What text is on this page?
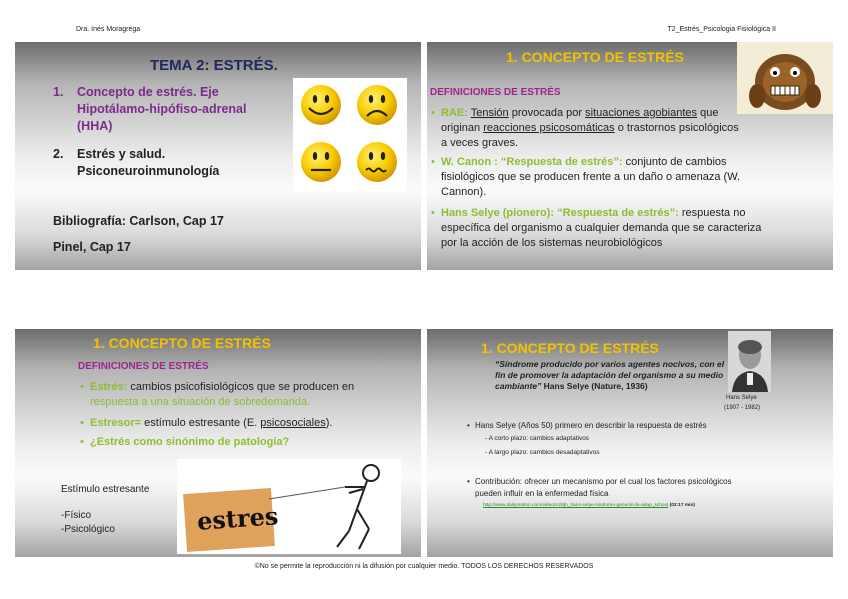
Dra. Inés Moragrega	T2_Estrés_Psicologia Fisiológica II
TEMA 2: ESTRÉS.
1. Concepto de estrés. Eje Hipotálamo-hipófiso-adrenal (HHA)
2. Estrés y salud. Psiconeuroinmunología
Bibliografía: Carlson, Cap 17
Pinel, Cap 17
1. CONCEPTO DE ESTRÉS
DEFINICIONES DE ESTRÉS
• RAE: Tensión provocada por situaciones agobiantes que originan reacciones psicosomáticas o trastornos psicológicos a veces graves.
• W. Canon : “Respuesta de estrés”: conjunto de cambios fisiológicos que se producen frente a un daño o amenaza (W. Cannon).
• Hans Selye (pionero): “Respuesta de estrés”: respuesta no específica del organismo a cualquier demanda que se caracteriza por la acción de los sistemas neurobiológicos
1. CONCEPTO DE ESTRÉS
DEFINICIONES DE ESTRÉS
• Estrés: cambios psicofisiológicos que se producen en respuesta a una situación de sobredemanda.
• Estresor= estímulo estresante (E. psicosociales).
• ¿Estrés como sinónimo de patología?
Estímulo estresante
-Físico
-Psicológico	estres
1. CONCEPTO DE ESTRÉS
“Síndrome producido por varios agentes nocivos, con el fin de promover la adaptación del organismo a su medio cambiante” Hans Selye (Nature, 1936)
Hans Selye
(1907 - 1982)
• Hans Selye (Años 50) primero en describir la respuesta de estrés
- A corto plazo: cambios adaptativos
- A largo plazo: cambios desadaptativos
• Contribución: ofrecer un mecanismo por el cual los factores psicológicos pueden influir en la enfermedad física
http://www.dailymotion.com/video/x1l8jh_hans-selye-sindrome-general-de-adap_school (02:17 min)
©No se permite la reproducción ni la difusión por cualquier medio. TODOS LOS DERECHOS RESERVADOS
